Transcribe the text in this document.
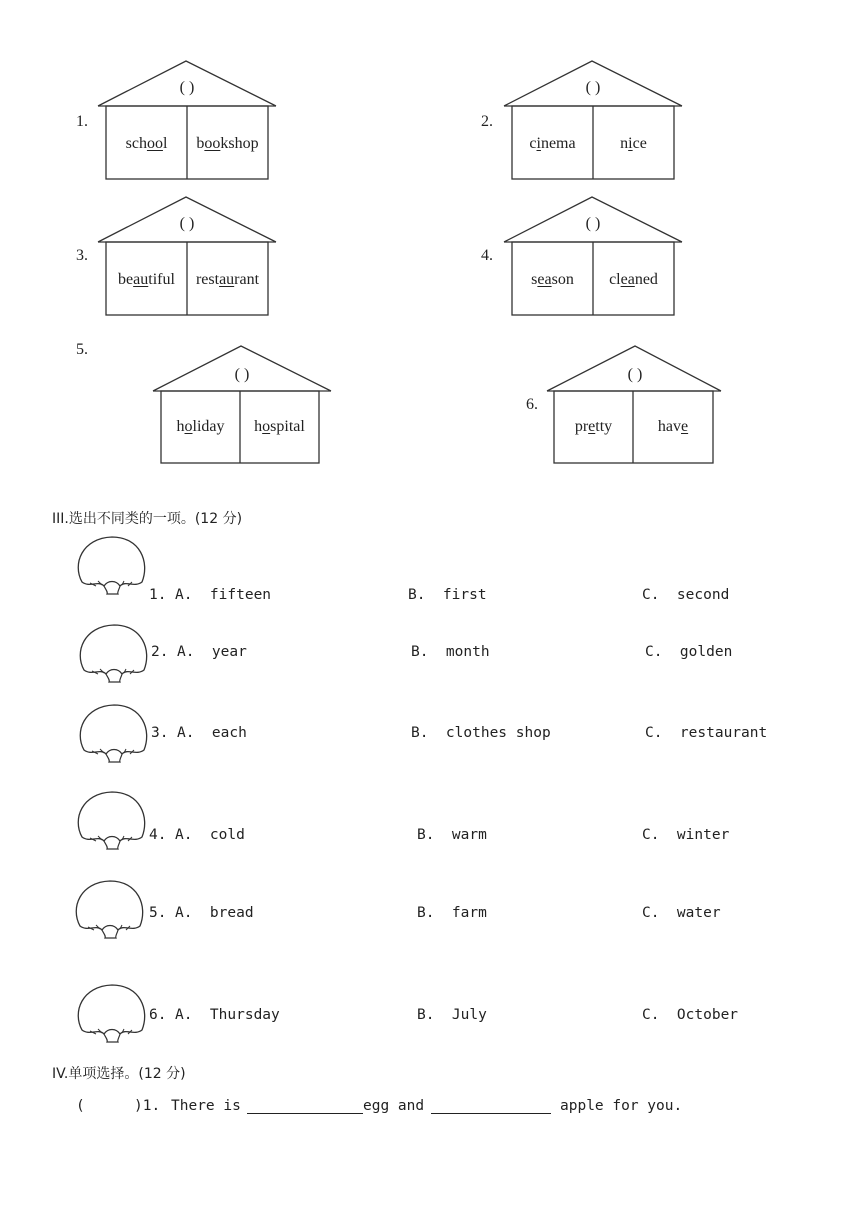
( )
school	bookshop
1.
( )
cinema	nice
2.
( )
beautiful	restaurant
3.
( )
season	cleaned
4.
5.
( )
holiday	hospital
( )
pretty	have
6.
III.选出不同类的一项。(12 分)
1. A.  fifteen	B.  first	C.  second
2. A.  year	B.  month	C.  golden
3. A.  each	B.  clothes shop	C.  restaurant
4. A.  cold	B.  warm	C.  winter
5. A.  bread	B.  farm	C.  water
6. A.  Thursday	B.  July	C.  October
IV.单项选择。(12 分)
(	)1. There is	egg and	apple for you.
